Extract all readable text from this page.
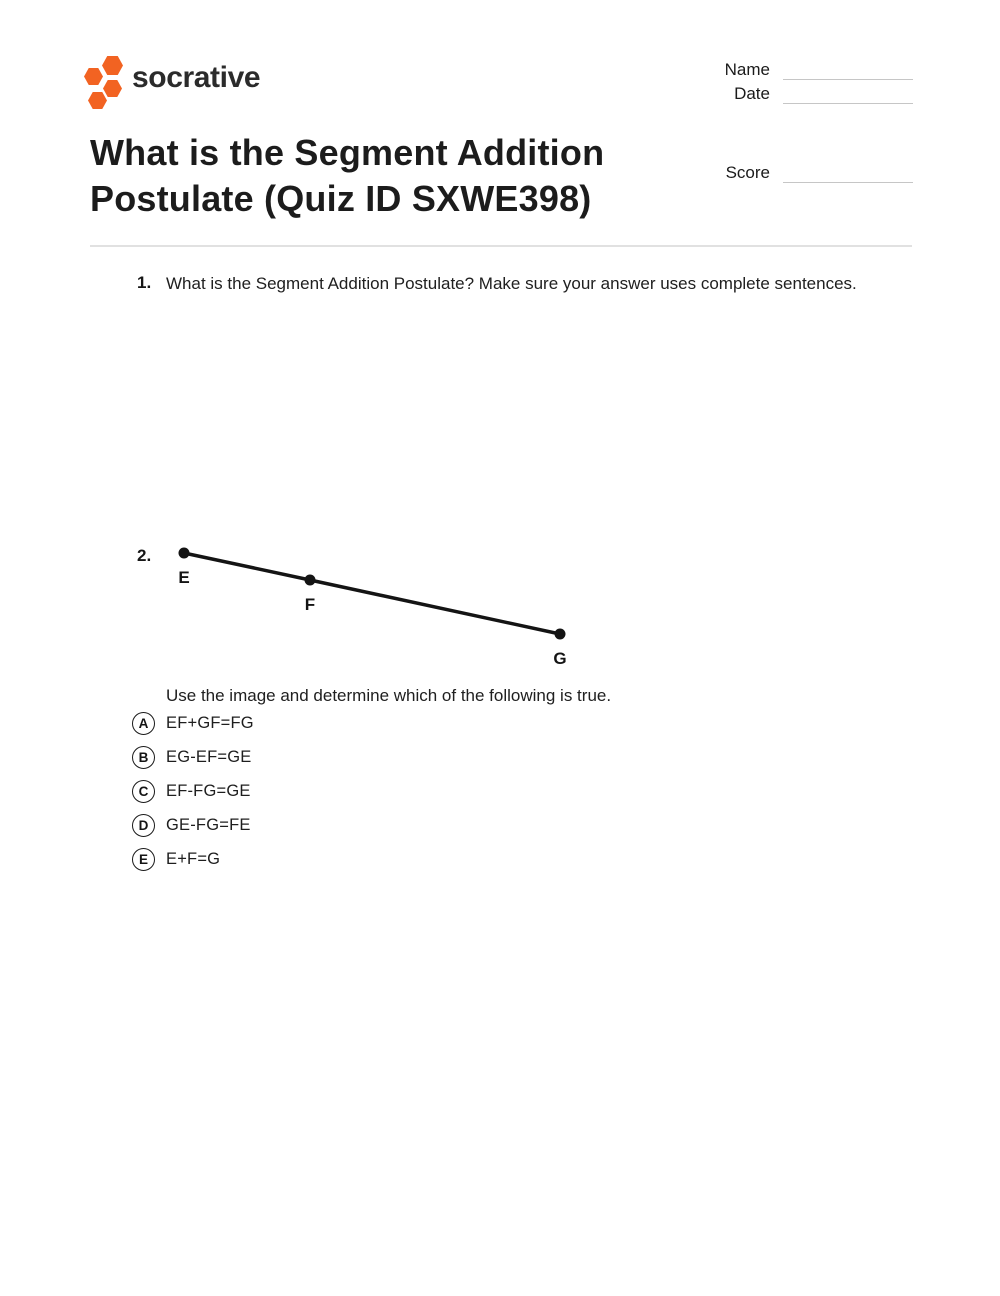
socrative	Name
Date
Score
What is the Segment Addition Postulate (Quiz ID SXWE398)
1. What is the Segment Addition Postulate? Make sure your answer uses complete sentences.
2.
E
F
G
Use the image and determine which of the following is true.
A	EF+GF=FG
B	EG-EF=GE
C	EF-FG=GE
D	GE-FG=FE
E	E+F=G
